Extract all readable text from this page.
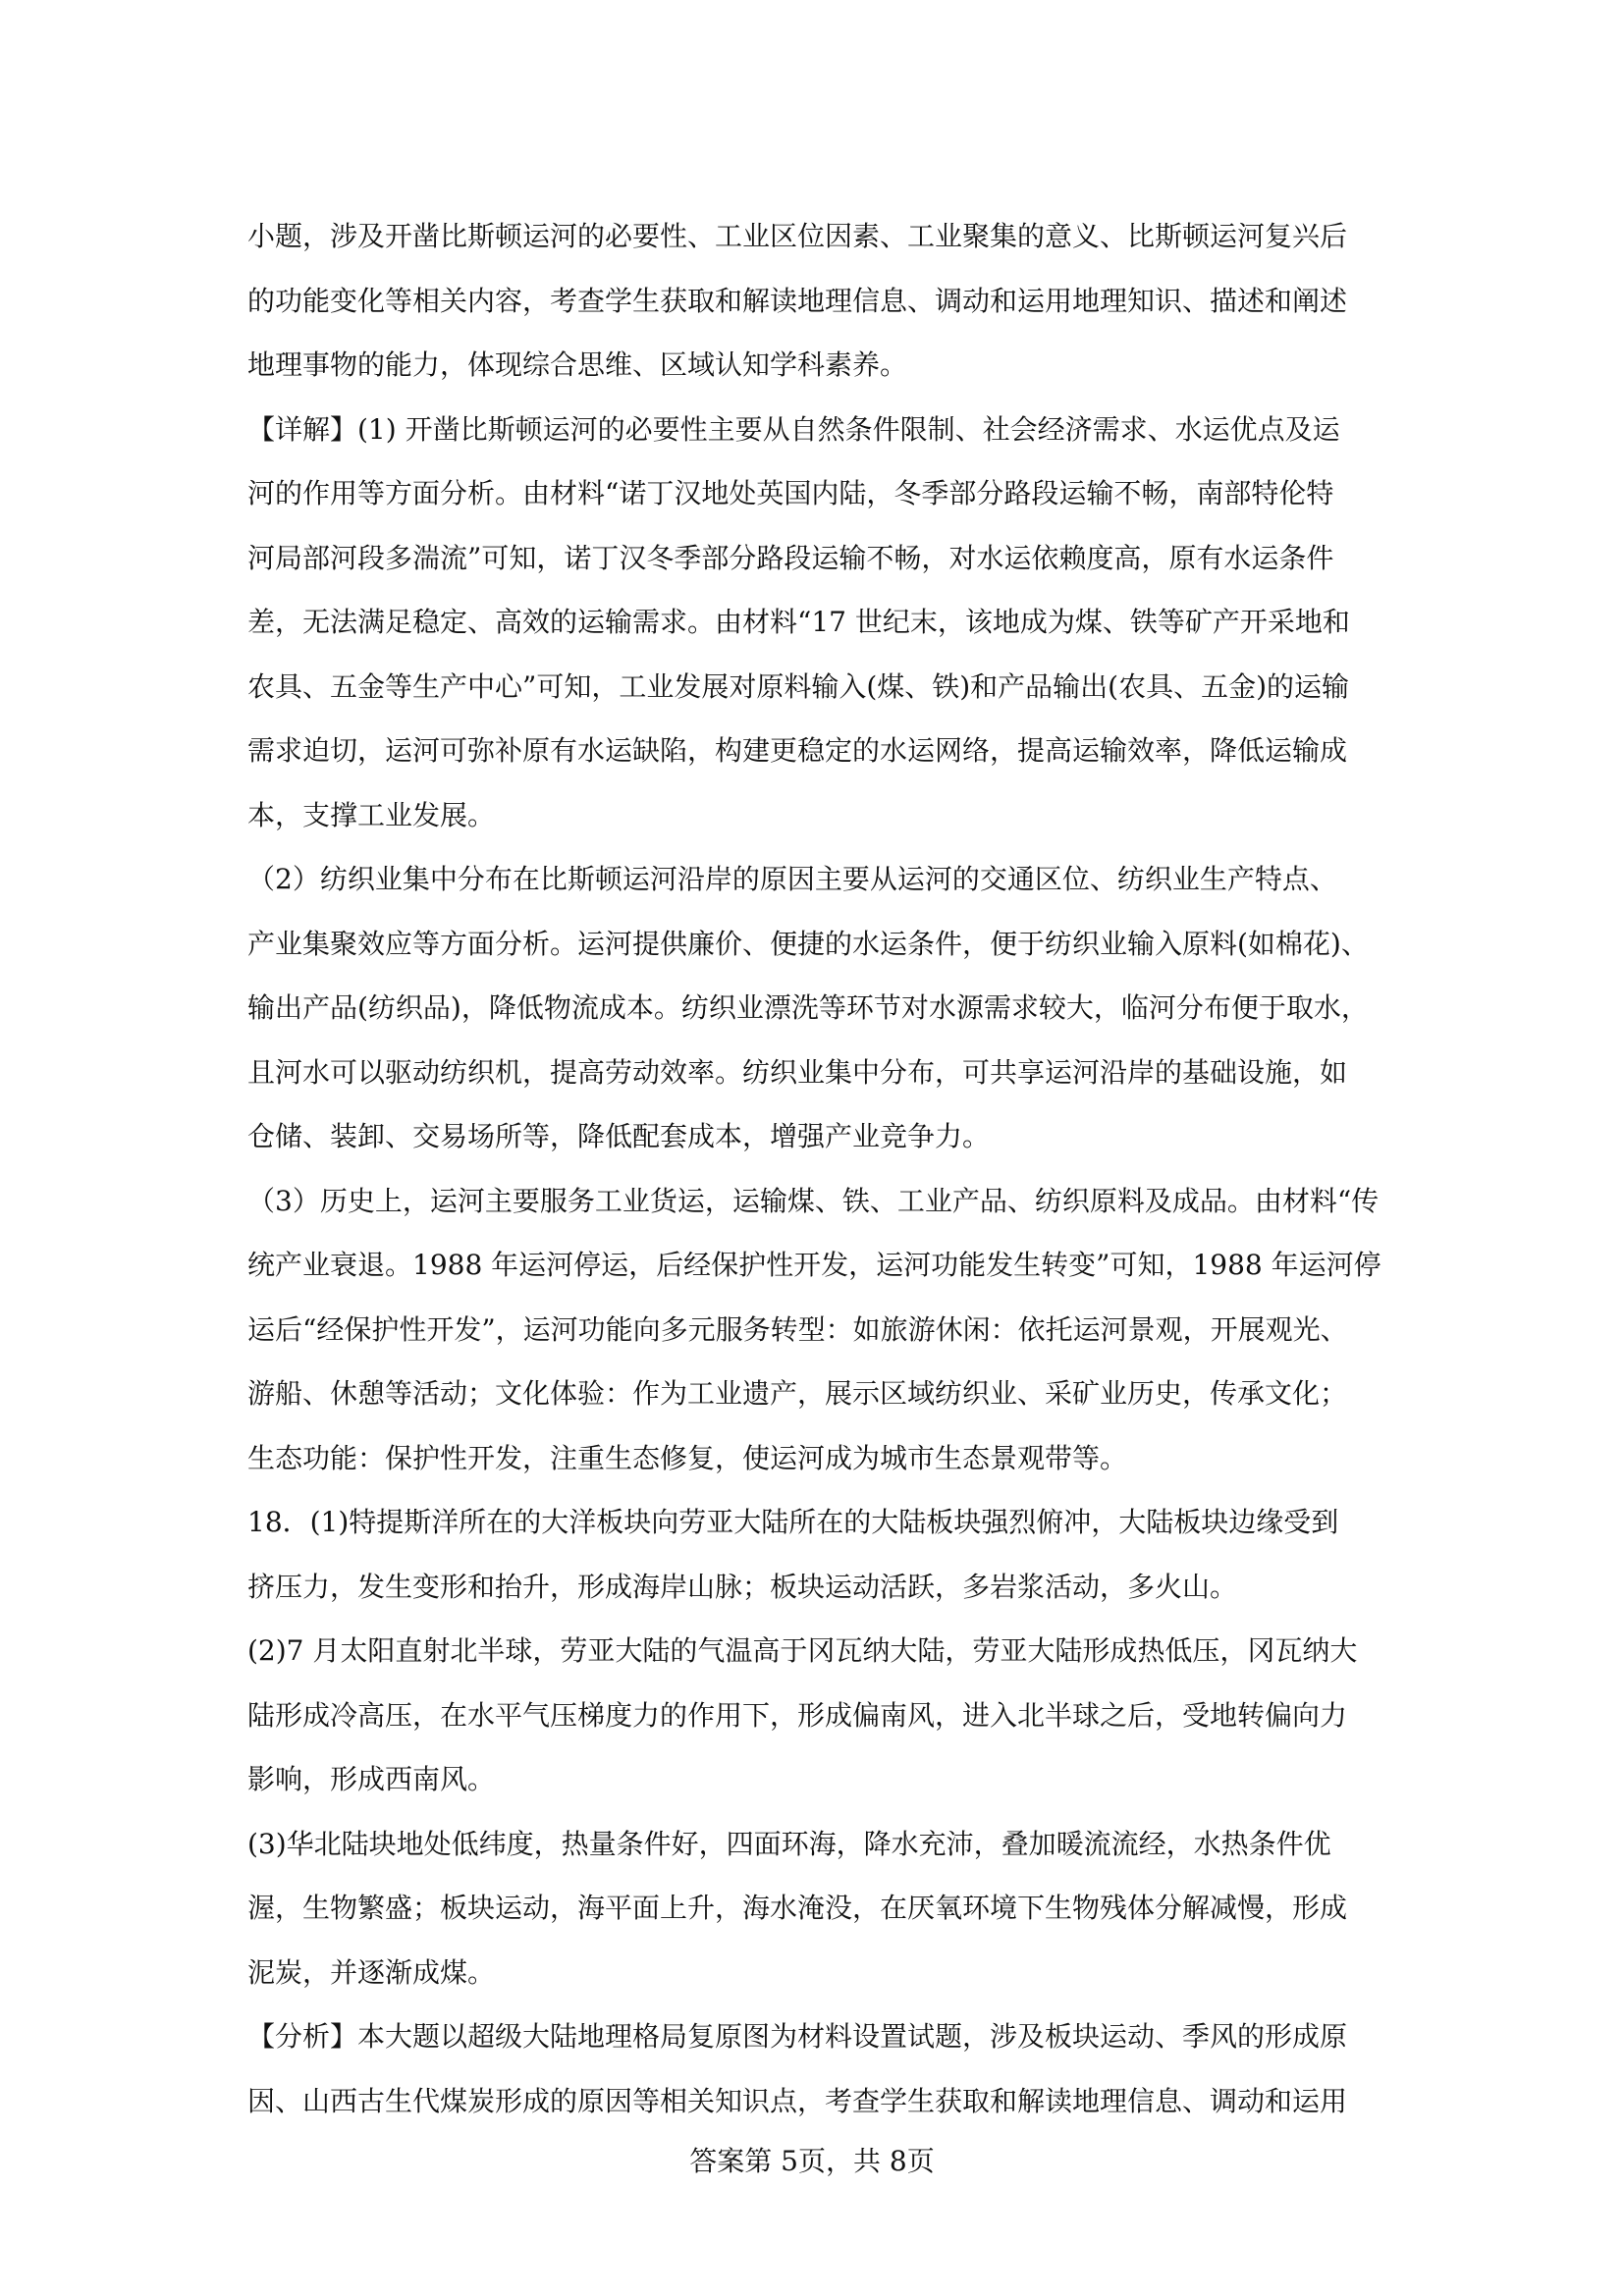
小题，涉及开凿比斯顿运河的必要性、工业区位因素、工业聚集的意义、比斯顿运河复兴后
的功能变化等相关内容，考查学生获取和解读地理信息、调动和运用地理知识、描述和阐述
地理事物的能力，体现综合思维、区域认知学科素养。
【详解】(1) 开凿比斯顿运河的必要性主要从自然条件限制、社会经济需求、水运优点及运
河的作用等方面分析。由材料“诺丁汉地处英国内陆，冬季部分路段运输不畅，南部特伦特
河局部河段多湍流”可知，诺丁汉冬季部分路段运输不畅，对水运依赖度高，原有水运条件
差，无法满足稳定、高效的运输需求。由材料“17 世纪末，该地成为煤、铁等矿产开采地和
农具、五金等生产中心”可知，工业发展对原料输入(煤、铁)和产品输出(农具、五金)的运输
需求迫切，运河可弥补原有水运缺陷，构建更稳定的水运网络，提高运输效率，降低运输成
本，支撑工业发展。
（2）纺织业集中分布在比斯顿运河沿岸的原因主要从运河的交通区位、纺织业生产特点、
产业集聚效应等方面分析。运河提供廉价、便捷的水运条件，便于纺织业输入原料(如棉花)、
输出产品(纺织品)，降低物流成本。纺织业漂洗等环节对水源需求较大，临河分布便于取水，
且河水可以驱动纺织机，提高劳动效率。纺织业集中分布，可共享运河沿岸的基础设施，如
仓储、装卸、交易场所等，降低配套成本，增强产业竞争力。
（3）历史上，运河主要服务工业货运，运输煤、铁、工业产品、纺织原料及成品。由材料“传
统产业衰退。1988 年运河停运，后经保护性开发，运河功能发生转变”可知，1988 年运河停
运后“经保护性开发”，运河功能向多元服务转型：如旅游休闲：依托运河景观，开展观光、
游船、休憩等活动；文化体验：作为工业遗产，展示区域纺织业、采矿业历史，传承文化；
生态功能：保护性开发，注重生态修复，使运河成为城市生态景观带等。
18．(1)特提斯洋所在的大洋板块向劳亚大陆所在的大陆板块强烈俯冲，大陆板块边缘受到
挤压力，发生变形和抬升，形成海岸山脉；板块运动活跃，多岩浆活动，多火山。
(2)7 月太阳直射北半球，劳亚大陆的气温高于冈瓦纳大陆，劳亚大陆形成热低压，冈瓦纳大
陆形成冷高压，在水平气压梯度力的作用下，形成偏南风，进入北半球之后，受地转偏向力
影响，形成西南风。
(3)华北陆块地处低纬度，热量条件好，四面环海，降水充沛，叠加暖流流经，水热条件优
渥，生物繁盛；板块运动，海平面上升，海水淹没，在厌氧环境下生物残体分解减慢，形成
泥炭，并逐渐成煤。
【分析】本大题以超级大陆地理格局复原图为材料设置试题，涉及板块运动、季风的形成原
因、山西古生代煤炭形成的原因等相关知识点，考查学生获取和解读地理信息、调动和运用
答案第 5页，共 8页
